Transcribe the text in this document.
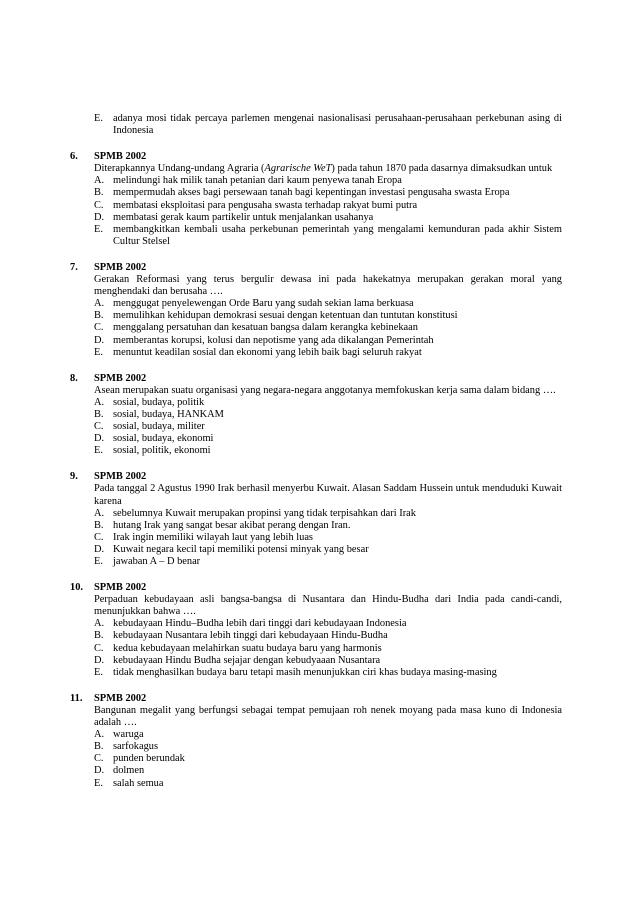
E. adanya mosi tidak percaya parlemen mengenai nasionalisasi perusahaan-perusahaan perkebunan asing di Indonesia
6.	SPMB 2002
Diterapkannya Undang-undang Agraria (Agrarische WeT) pada tahun 1870 pada dasarnya dimaksudkan untuk
A. melindungi hak milik tanah petanian dari kaum penyewa tanah Eropa
B. mempermudah akses bagi persewaan tanah bagi kepentingan investasi pengusaha swasta Eropa
C. membatasi eksploitasi para pengusaha swasta terhadap rakyat bumi putra
D. membatasi gerak kaum partikelir untuk menjalankan usahanya
E. membangkitkan kembali usaha perkebunan pemerintah yang mengalami kemunduran pada akhir Sistem Cultur Stelsel
7.	SPMB 2002
Gerakan Reformasi yang terus bergulir dewasa ini pada hakekatnya merupakan gerakan moral yang menghendaki dan berusaha ….
A. menggugat penyelewengan Orde Baru yang sudah sekian lama berkuasa
B. memulihkan kehidupan demokrasi sesuai dengan ketentuan dan tuntutan konstitusi
C. menggalang persatuhan dan kesatuan bangsa dalam kerangka kebinekaan
D. memberantas korupsi, kolusi dan nepotisme yang ada dikalangan Pemerintah
E. menuntut keadilan sosial dan ekonomi yang lebih baik bagi seluruh rakyat
8.	SPMB 2002
Asean merupakan suatu organisasi yang negara-negara anggotanya memfokuskan kerja sama dalam bidang ….
A. sosial, budaya, politik
B. sosial, budaya, HANKAM
C. sosial, budaya, militer
D. sosial, budaya, ekonomi
E. sosial, politik, ekonomi
9.	SPMB 2002
Pada tanggal 2 Agustus 1990 Irak berhasil menyerbu Kuwait. Alasan Saddam Hussein untuk menduduki Kuwait karena
A. sebelumnya Kuwait merupakan propinsi yang tidak terpisahkan dari Irak
B. hutang Irak yang sangat besar akibat perang dengan Iran.
C. Irak ingin memiliki wilayah laut yang lebih luas
D. Kuwait negara kecil tapi memiliki potensi minyak yang besar
E. jawaban A – D benar
10.	SPMB 2002
Perpaduan kebudayaan asli bangsa-bangsa di Nusantara dan Hindu-Budha dari India pada candi-candi, menunjukkan bahwa ….
A. kebudayaan Hindu–Budha lebih dari tinggi dari kebudayaan Indonesia
B. kebudayaan Nusantara lebih tinggi dari kebudayaan Hindu-Budha
C. kedua kebudayaan melahirkan suatu budaya baru yang harmonis
D. kebudayaan Hindu Budha sejajar dengan kebudyaaan Nusantara
E. tidak menghasilkan budaya baru tetapi masih menunjukkan ciri khas budaya masing-masing
11.	SPMB 2002
Bangunan megalit yang berfungsi sebagai tempat pemujaan roh nenek moyang pada masa kuno di Indonesia adalah ….
A. waruga
B. sarfokagus
C. punden berundak
D. dolmen
E. salah semua
